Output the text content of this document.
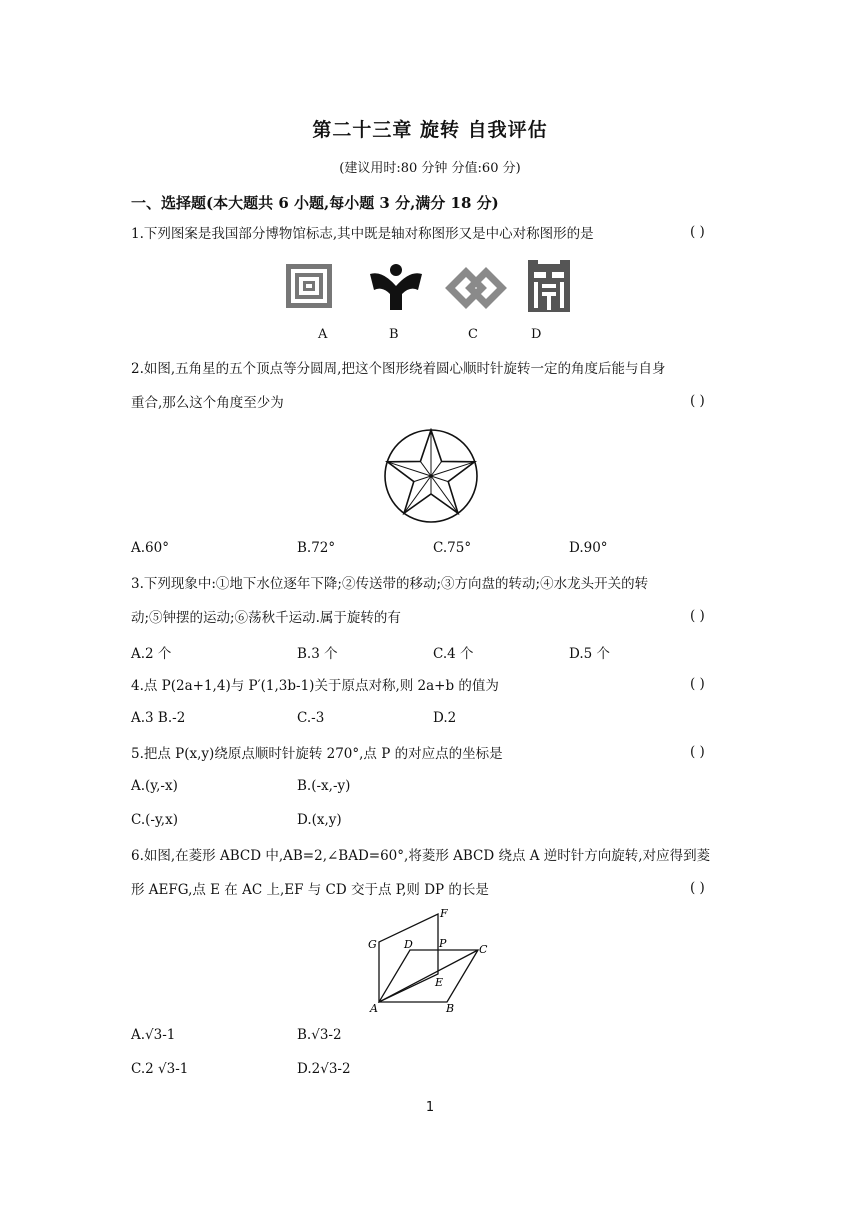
第二十三章 旋转 自我评估
(建议用时:80 分钟 分值:60 分)
一、选择题(本大题共 6 小题,每小题 3 分,满分 18 分)
1.下列图案是我国部分博物馆标志,其中既是轴对称图形又是中心对称图形的是	( )
A	B	C	D
2.如图,五角星的五个顶点等分圆周,把这个图形绕着圆心顺时针旋转一定的角度后能与自身
重合,那么这个角度至少为	( )
A.60°	B.72°	C.75°	D.90°
3.下列现象中:①地下水位逐年下降;②传送带的移动;③方向盘的转动;④水龙头开关的转
动;⑤钟摆的运动;⑥荡秋千运动.属于旋转的有	( )
A.2 个	B.3 个	C.4 个	D.5 个
4.点 P(2a+1,4)与 P′(1,3b-1)关于原点对称,则 2a+b 的值为	( )
A.3 B.-2	C.-3	D.2
5.把点 P(x,y)绕原点顺时针旋转 270°,点 P 的对应点的坐标是	( )
A.(y,-x)	B.(-x,-y)
C.(-y,x)	D.(x,y)
6.如图,在菱形 ABCD 中,AB=2,∠BAD=60°,将菱形 ABCD 绕点 A 逆时针方向旋转,对应得到菱
形 AEFG,点 E 在 AC 上,EF 与 CD 交于点 P,则 DP 的长是	( )
F
G D P	C
E
A	B
A.√3-1	B.√3-2
C.2 √3-1	D.2√3-2
1
